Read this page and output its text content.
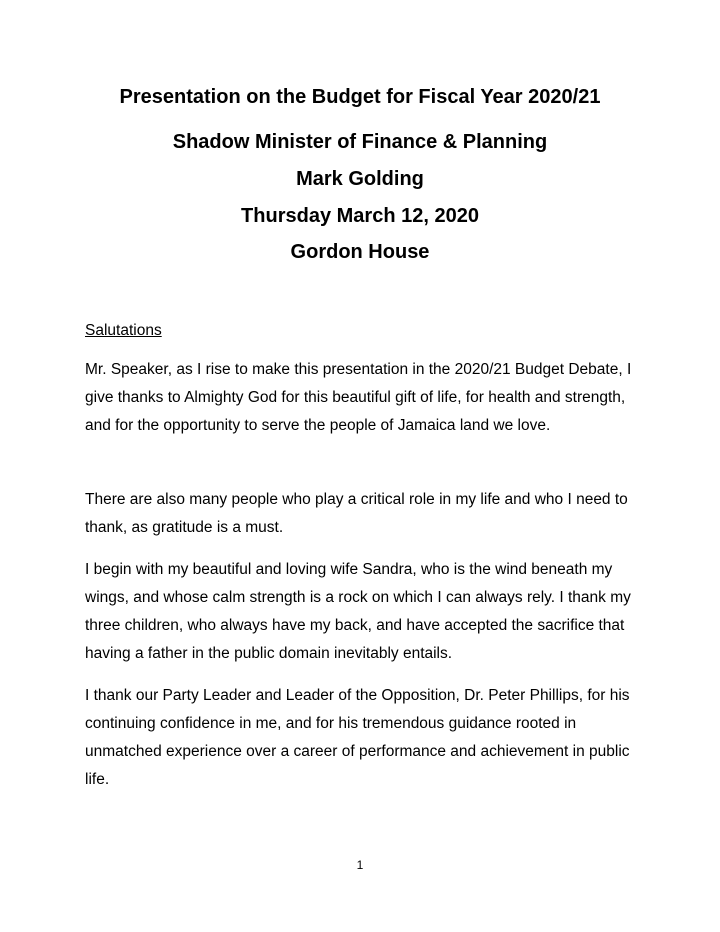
Presentation on the Budget for Fiscal Year 2020/21
Shadow Minister of Finance & Planning
Mark Golding
Thursday March 12, 2020
Gordon House

Salutations

Mr. Speaker, as I rise to make this presentation in the 2020/21 Budget Debate, I give thanks to Almighty God for this beautiful gift of life, for health and strength, and for the opportunity to serve the people of Jamaica land we love.

There are also many people who play a critical role in my life and who I need to thank, as gratitude is a must.

I begin with my beautiful and loving wife Sandra, who is the wind beneath my wings, and whose calm strength is a rock on which I can always rely. I thank my three children, who always have my back, and have accepted the sacrifice that having a father in the public domain inevitably entails.

I thank our Party Leader and Leader of the Opposition, Dr. Peter Phillips, for his continuing confidence in me, and for his tremendous guidance rooted in unmatched experience over a career of performance and achievement in public life.

1
